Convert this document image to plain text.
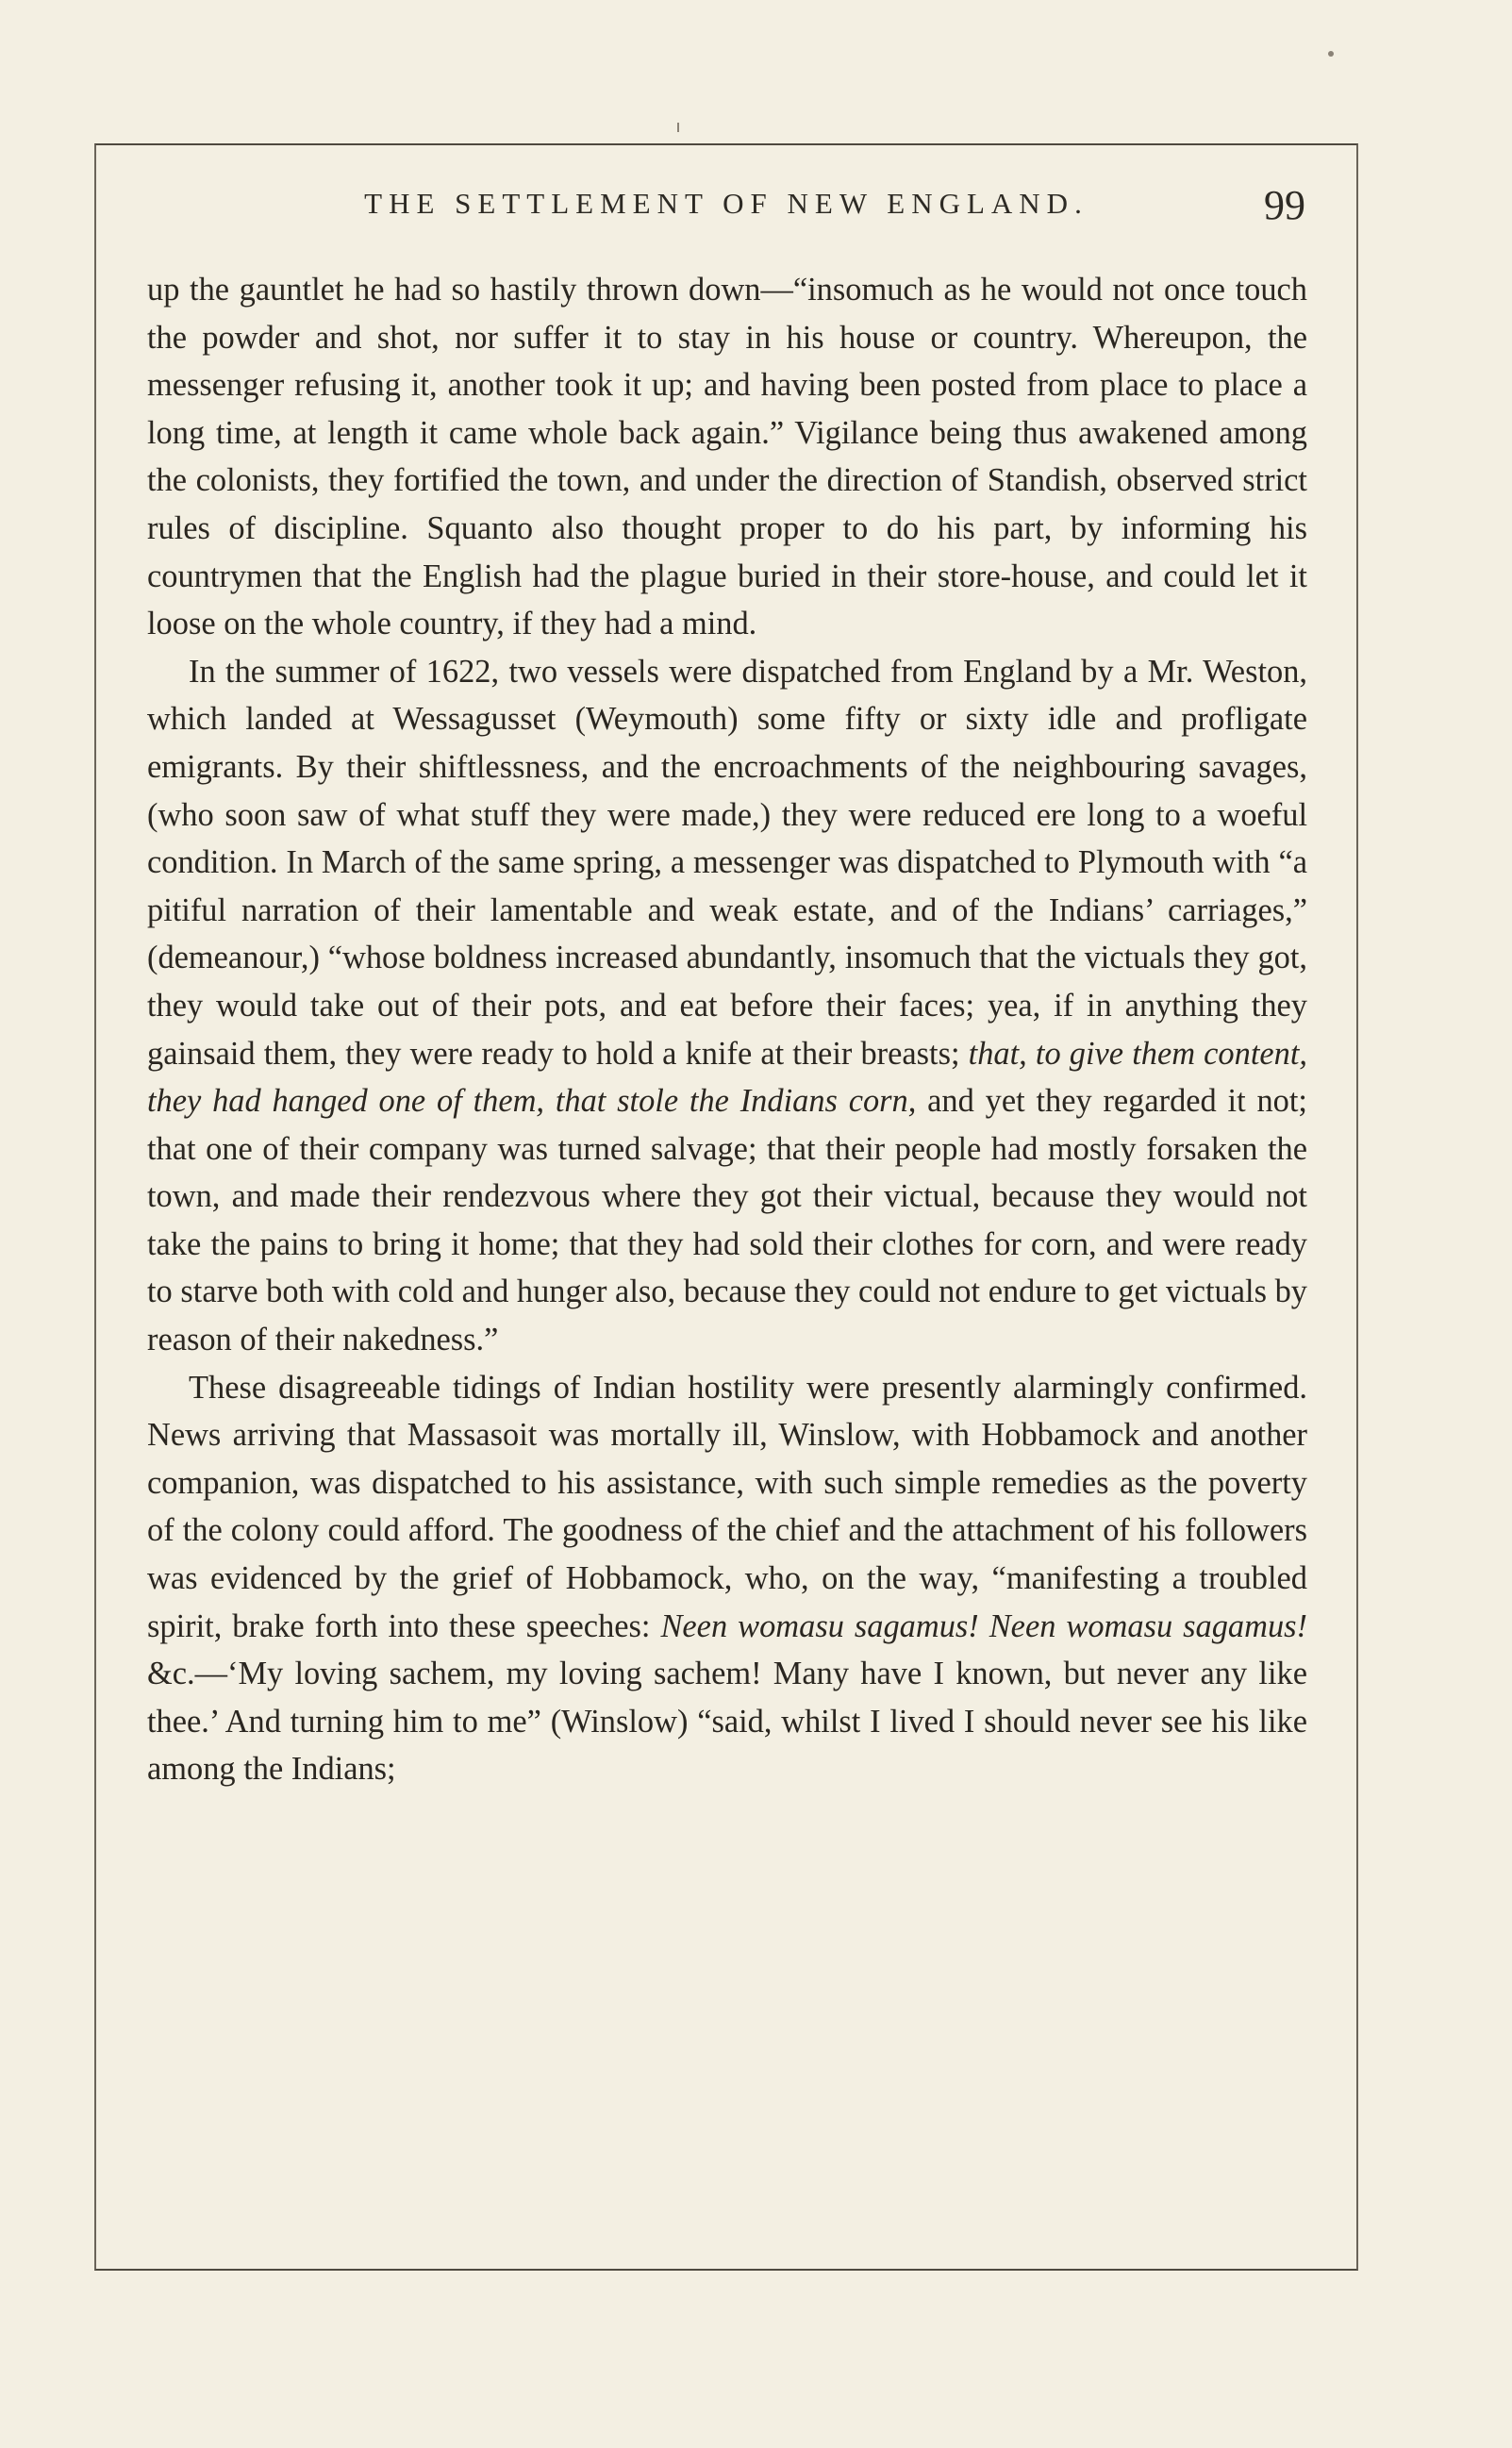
THE SETTLEMENT OF NEW ENGLAND.	99

up the gauntlet he had so hastily thrown down—“insomuch as he would not once touch the powder and shot, nor suffer it to stay in his house or country. Whereupon, the messenger refusing it, another took it up; and having been posted from place to place a long time, at length it came whole back again.” Vigilance being thus awakened among the colonists, they fortified the town, and under the direction of Standish, observed strict rules of discipline. Squanto also thought proper to do his part, by informing his countrymen that the English had the plague buried in their store-house, and could let it loose on the whole country, if they had a mind.

In the summer of 1622, two vessels were dispatched from England by a Mr. Weston, which landed at Wessagusset (Weymouth) some fifty or sixty idle and profligate emigrants. By their shiftlessness, and the encroachments of the neighbouring savages, (who soon saw of what stuff they were made,) they were reduced ere long to a woeful condition. In March of the same spring, a messenger was dispatched to Plymouth with “a pitiful narration of their lamentable and weak estate, and of the Indians’ carriages,” (demeanour,) “whose boldness increased abundantly, insomuch that the victuals they got, they would take out of their pots, and eat before their faces; yea, if in anything they gainsaid them, they were ready to hold a knife at their breasts; that, to give them content, they had hanged one of them, that stole the Indians corn, and yet they regarded it not; that one of their company was turned salvage; that their people had mostly forsaken the town, and made their rendezvous where they got their victual, because they would not take the pains to bring it home; that they had sold their clothes for corn, and were ready to starve both with cold and hunger also, because they could not endure to get victuals by reason of their nakedness.”

These disagreeable tidings of Indian hostility were presently alarmingly confirmed. News arriving that Massasoit was mortally ill, Winslow, with Hobbamock and another companion, was dispatched to his assistance, with such simple remedies as the poverty of the colony could afford. The goodness of the chief and the attachment of his followers was evidenced by the grief of Hobbamock, who, on the way, “manifesting a troubled spirit, brake forth into these speeches: Neen womasu sagamus! Neen womasu sagamus! &c.—‘My loving sachem, my loving sachem! Many have I known, but never any like thee.’ And turning him to me” (Winslow) “said, whilst I lived I should never see his like among the Indians;
